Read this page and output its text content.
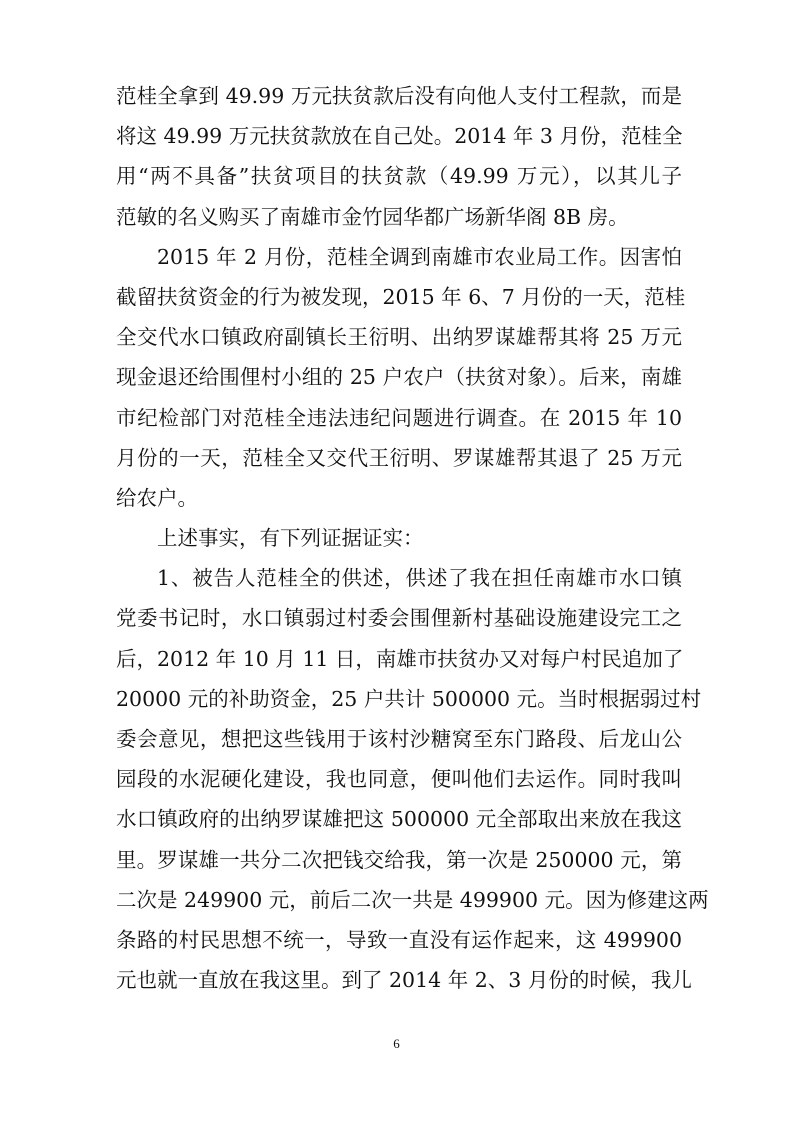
范桂全拿到 49.99 万元扶贫款后没有向他人支付工程款，而是
将这 49.99 万元扶贫款放在自己处。2014 年 3 月份，范桂全
用“两不具备”扶贫项目的扶贫款（49.99 万元），以其儿子
范敏的名义购买了南雄市金竹园华都广场新华阁 8B 房。
2015 年 2 月份，范桂全调到南雄市农业局工作。因害怕
截留扶贫资金的行为被发现，2015 年 6、7 月份的一天，范桂
全交代水口镇政府副镇长王衍明、出纳罗谋雄帮其将 25 万元
现金退还给围俚村小组的 25 户农户（扶贫对象）。后来，南雄
市纪检部门对范桂全违法违纪问题进行调查。在 2015 年 10
月份的一天，范桂全又交代王衍明、罗谋雄帮其退了 25 万元
给农户。
上述事实，有下列证据证实：
1、被告人范桂全的供述，供述了我在担任南雄市水口镇
党委书记时，水口镇弱过村委会围俚新村基础设施建设完工之
后，2012 年 10 月 11 日，南雄市扶贫办又对每户村民追加了
20000 元的补助资金，25 户共计 500000 元。当时根据弱过村
委会意见，想把这些钱用于该村沙糖窝至东门路段、后龙山公
园段的水泥硬化建设，我也同意，便叫他们去运作。同时我叫
水口镇政府的出纳罗谋雄把这 500000 元全部取出来放在我这
里。罗谋雄一共分二次把钱交给我，第一次是 250000 元，第
二次是 249900 元，前后二次一共是 499900 元。因为修建这两
条路的村民思想不统一，导致一直没有运作起来，这 499900
元也就一直放在我这里。到了 2014 年 2、3 月份的时候，我儿
6
